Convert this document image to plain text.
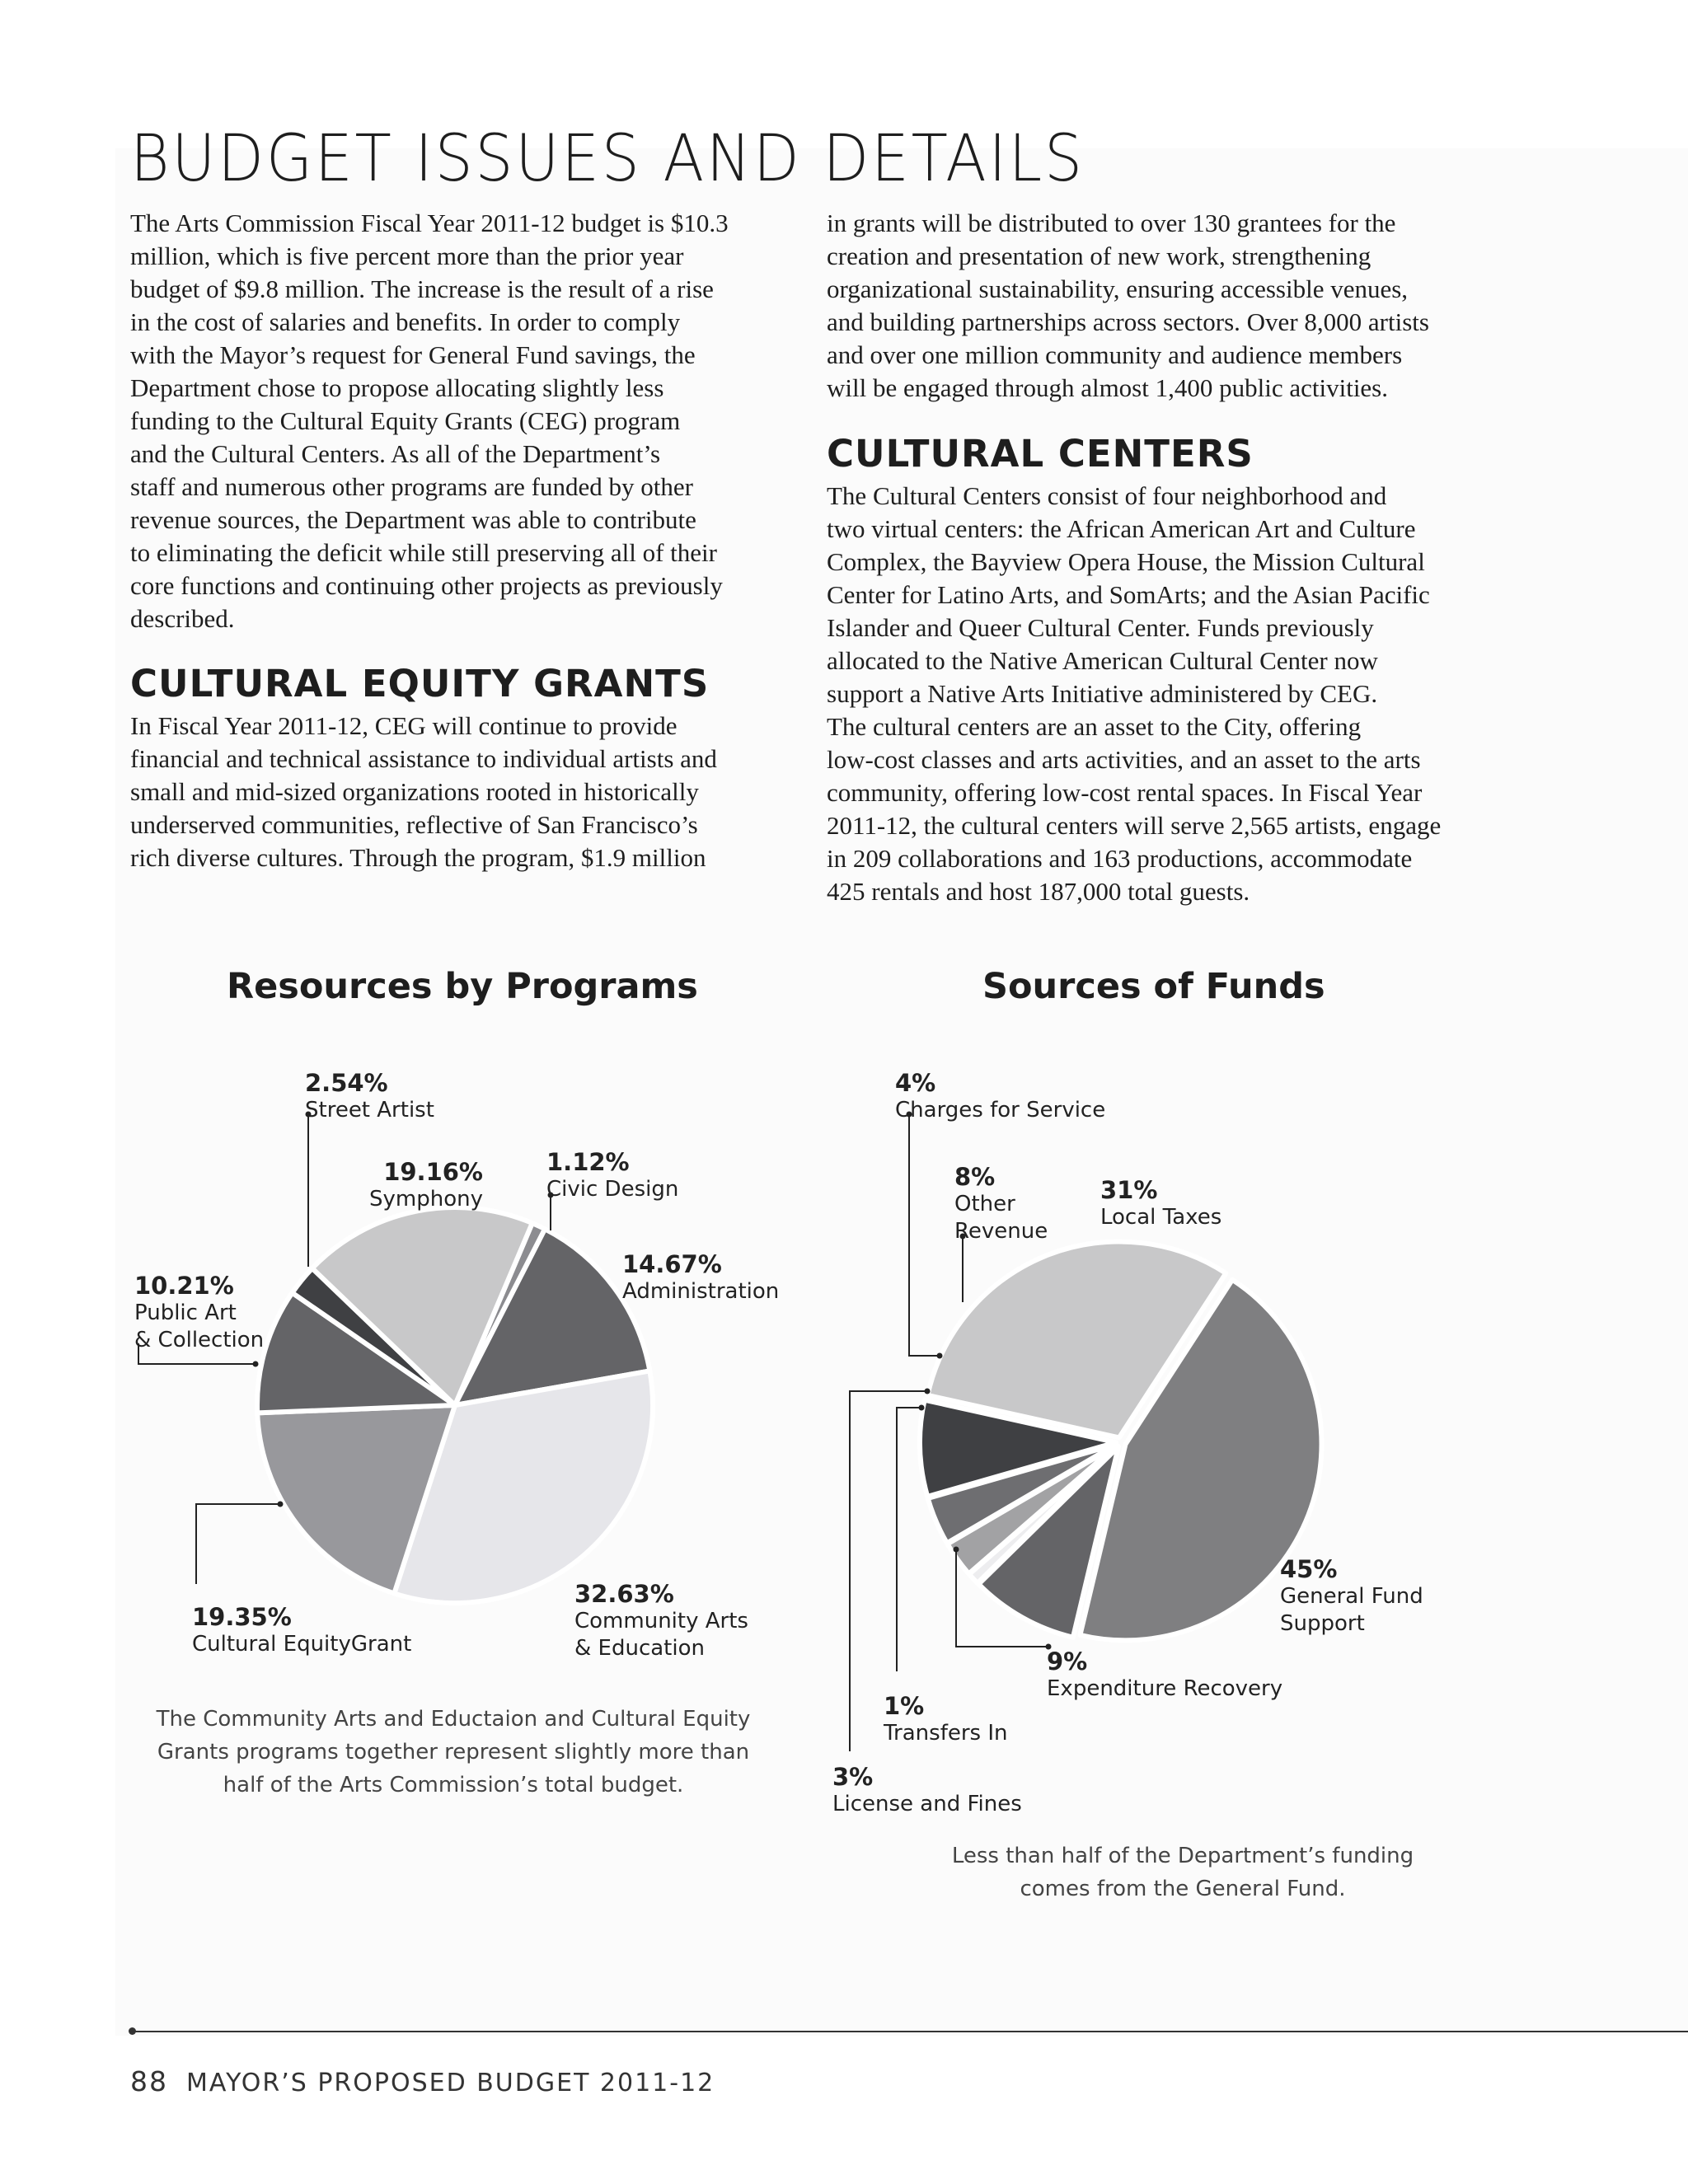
BUDGET ISSUES AND DETAILS

The Arts Commission Fiscal Year 2011-12 budget is $10.3
million, which is five percent more than the prior year
budget of $9.8 million. The increase is the result of a rise
in the cost of salaries and benefits. In order to comply
with the Mayor’s request for General Fund savings, the
Department chose to propose allocating slightly less
funding to the Cultural Equity Grants (CEG) program
and the Cultural Centers. As all of the Department’s
staff and numerous other programs are funded by other
revenue sources, the Department was able to contribute
to eliminating the deficit while still preserving all of their
core functions and continuing other projects as previously
described.

CULTURAL EQUITY GRANTS

In Fiscal Year 2011-12, CEG will continue to provide
financial and technical assistance to individual artists and
small and mid-sized organizations rooted in historically
underserved communities, reflective of San Francisco’s
rich diverse cultures. Through the program, $1.9 million

in grants will be distributed to over 130 grantees for the
creation and presentation of new work, strengthening
organizational sustainability, ensuring accessible venues,
and building partnerships across sectors. Over 8,000 artists
and over one million community and audience members
will be engaged through almost 1,400 public activities.

CULTURAL CENTERS

The Cultural Centers consist of four neighborhood and
two virtual centers: the African American Art and Culture
Complex, the Bayview Opera House, the Mission Cultural
Center for Latino Arts, and SomArts; and the Asian Pacific
Islander and Queer Cultural Center. Funds previously
allocated to the Native American Cultural Center now
support a Native Arts Initiative administered by CEG.
The cultural centers are an asset to the City, offering
low-cost classes and arts activities, and an asset to the arts
community, offering low-cost rental spaces. In Fiscal Year
2011-12, the cultural centers will serve 2,565 artists, engage
in 209 collaborations and 163 productions, accommodate
425 rentals and host 187,000 total guests.

Resources by Programs	Sources of Funds

2.54%
Street Artist

19.16%
Symphony

1.12%
Civic Design

14.67%
Administration

10.21%
Public Art
& Collection

19.35%
Cultural EquityGrant

32.63%
Community Arts
& Education

4%
Charges for Service

8%
Other
Revenue

31%
Local Taxes

45%
General Fund
Support

9%
Expenditure Recovery

1%
Transfers In

3%
License and Fines

The Community Arts and Eductaion and Cultural Equity
Grants programs together represent slightly more than
half of the Arts Commission’s total budget.

Less than half of the Department’s funding
comes from the General Fund.

88 MAYOR’S PROPOSED BUDGET 2011-12
